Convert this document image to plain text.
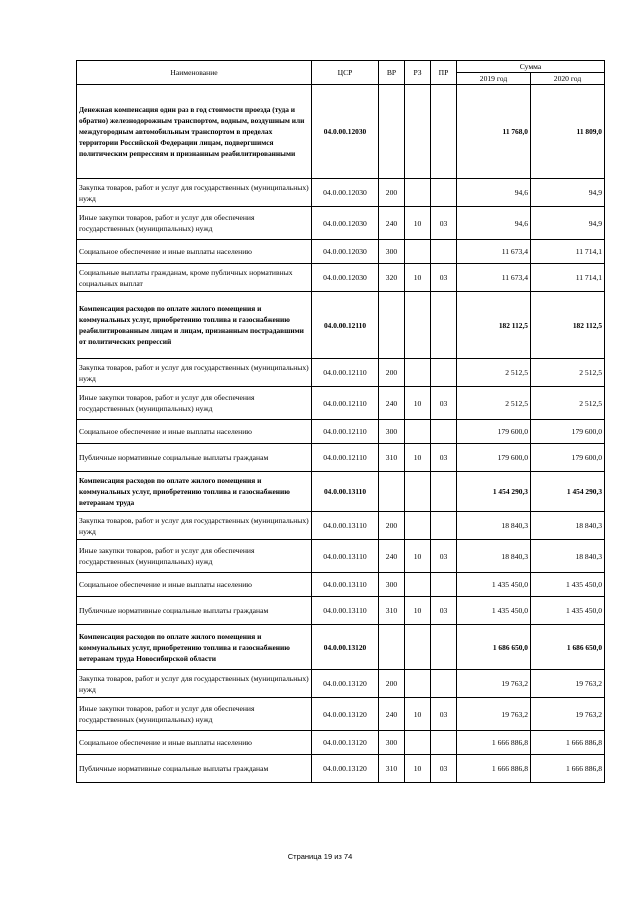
Наименование	ЦСР	ВР	РЗ	ПР	Сумма	
					2019 год	2020 год
Денежная компенсация один раз в год стоимости проезда (туда и обратно) железнодорожным транспортом, водным, воздушным или междугородным автомобильным транспортом в пределах территории Российской Федерации лицам, подвергшимся политическим репрессиям и признанным реабилитированными	04.0.00.12030				11 768,0	11 809,0
Закупка товаров, работ и услуг для государственных (муниципальных) нужд	04.0.00.12030	200			94,6	94,9
Иные закупки товаров, работ и услуг для обеспечения государственных (муниципальных) нужд	04.0.00.12030	240	10	03	94,6	94,9
Социальное обеспечение и иные выплаты населению	04.0.00.12030	300			11 673,4	11 714,1
Социальные выплаты гражданам, кроме публичных нормативных социальных выплат	04.0.00.12030	320	10	03	11 673,4	11 714,1
Компенсация расходов по оплате жилого помещения и коммунальных услуг, приобретению топлива и газоснабжению реабилитированным лицам и лицам, признанным пострадавшими от политических репрессий	04.0.00.12110				182 112,5	182 112,5
Закупка товаров, работ и услуг для государственных (муниципальных) нужд	04.0.00.12110	200			2 512,5	2 512,5
Иные закупки товаров, работ и услуг для обеспечения государственных (муниципальных) нужд	04.0.00.12110	240	10	03	2 512,5	2 512,5
Социальное обеспечение и иные выплаты населению	04.0.00.12110	300			179 600,0	179 600,0
Публичные нормативные социальные выплаты гражданам	04.0.00.12110	310	10	03	179 600,0	179 600,0
Компенсация расходов по оплате жилого помещения и коммунальных услуг, приобретению топлива и газоснабжению ветеранам труда	04.0.00.13110				1 454 290,3	1 454 290,3
Закупка товаров, работ и услуг для государственных (муниципальных) нужд	04.0.00.13110	200			18 840,3	18 840,3
Иные закупки товаров, работ и услуг для обеспечения государственных (муниципальных) нужд	04.0.00.13110	240	10	03	18 840,3	18 840,3
Социальное обеспечение и иные выплаты населению	04.0.00.13110	300			1 435 450,0	1 435 450,0
Публичные нормативные социальные выплаты гражданам	04.0.00.13110	310	10	03	1 435 450,0	1 435 450,0
Компенсация расходов по оплате жилого помещения и коммунальных услуг, приобретению топлива и газоснабжению ветеранам труда Новосибирской области	04.0.00.13120				1 686 650,0	1 686 650,0
Закупка товаров, работ и услуг для государственных (муниципальных) нужд	04.0.00.13120	200			19 763,2	19 763,2
Иные закупки товаров, работ и услуг для обеспечения государственных (муниципальных) нужд	04.0.00.13120	240	10	03	19 763,2	19 763,2
Социальное обеспечение и иные выплаты населению	04.0.00.13120	300			1 666 886,8	1 666 886,8
Публичные нормативные социальные выплаты гражданам	04.0.00.13120	310	10	03	1 666 886,8	1 666 886,8
Страница 19 из 74
